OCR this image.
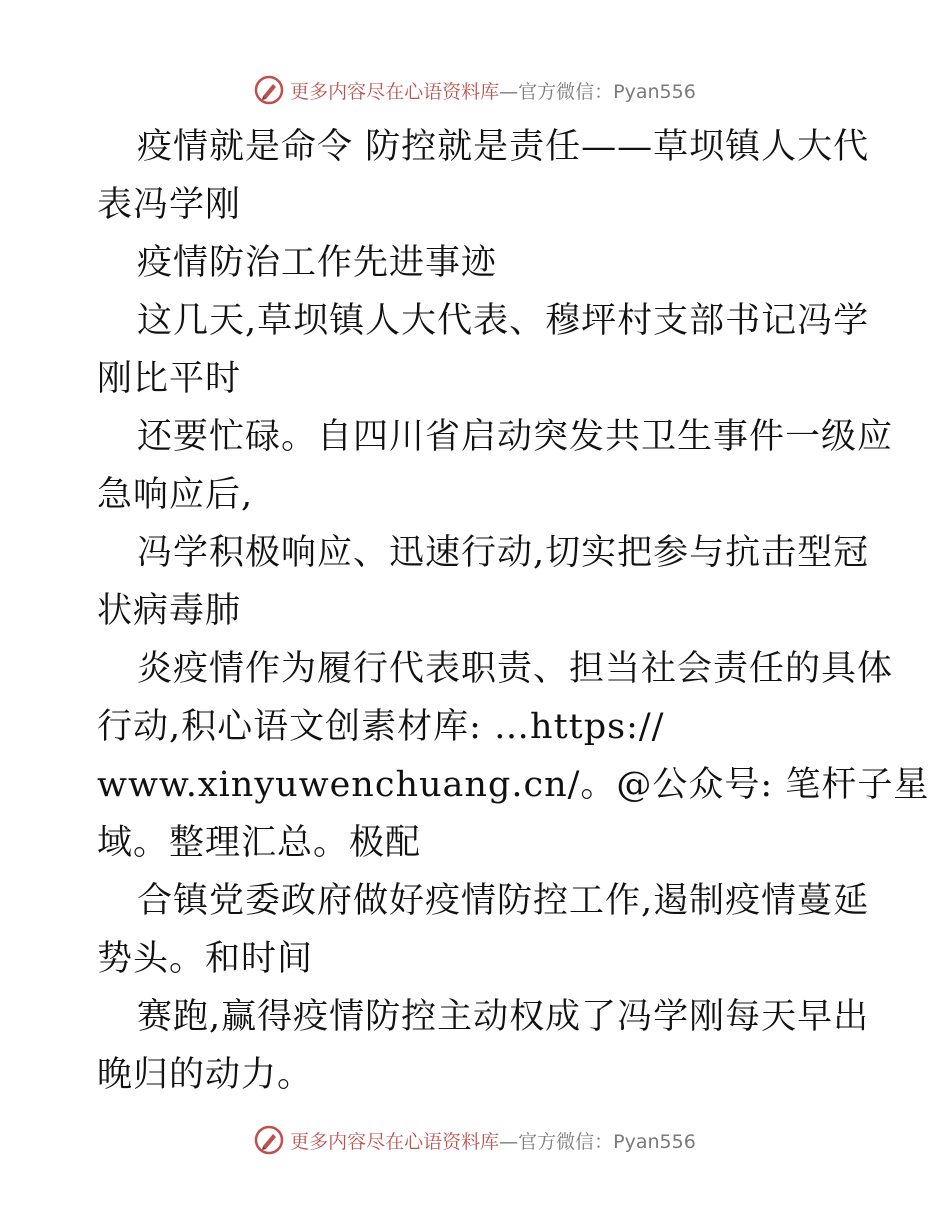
更多内容尽在心语资料库—官方微信：Pyan556
疫情就是命令 防控就是责任——草坝镇人大代
表冯学刚
疫情防治工作先进事迹
这几天,草坝镇人大代表、穆坪村支部书记冯学
刚比平时
还要忙碌。自四川省启动突发共卫生事件一级应
急响应后,
冯学积极响应、迅速行动,切实把参与抗击型冠
状病毒肺
炎疫情作为履行代表职责、担当社会责任的具体
行动,积心语文创素材库: …https://
www.xinyuwenchuang.cn/。@公众号: 笔杆子星
域。整理汇总。极配
合镇党委政府做好疫情防控工作,遏制疫情蔓延
势头。和时间
赛跑,赢得疫情防控主动权成了冯学刚每天早出
晚归的动力。
更多内容尽在心语资料库—官方微信：Pyan556
